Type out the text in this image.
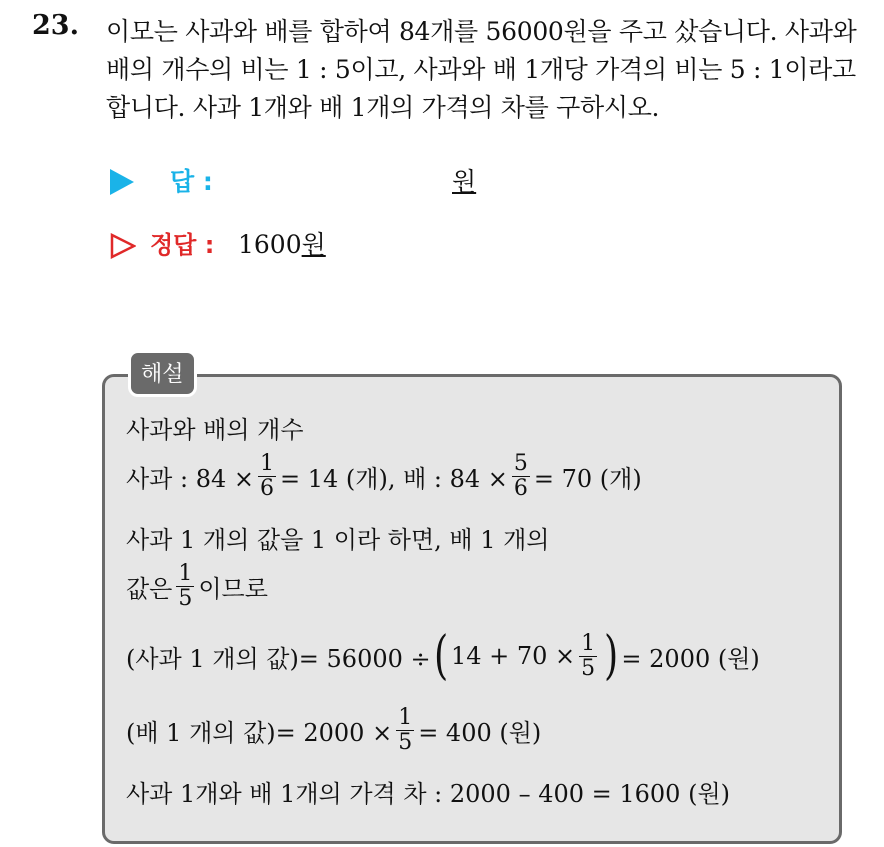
23. 이모는 사과와 배를 합하여 84개를 56000원을 주고 샀습니다. 사과와
배의 개수의 비는 1 : 5이고, 사과와 배 1개당 가격의 비는 5 : 1이라고
합니다. 사과 1개와 배 1개의 가격의 차를 구하시오.
답 :	원
정답 : 1600원
해설
사과와 배의 개수
사과 : $84 \times \frac{1}{6} = 14$ (개), 배 : $84 \times \frac{5}{6} = 70$ (개)
사과 1 개의 값을 1 이라 하면, 배 1 개의
값은 $\frac{1}{5}$ 이므로
(사과 1 개의 값)= 56000 ÷ ( $14 + 70 \times \frac{1}{5}$ ) = 2000 (원)
(배 1 개의 값)= $2000 \times \frac{1}{5} = 400$ (원)
사과 1개와 배 1개의 가격 차 : 2000 – 400 = 1600 (원)
